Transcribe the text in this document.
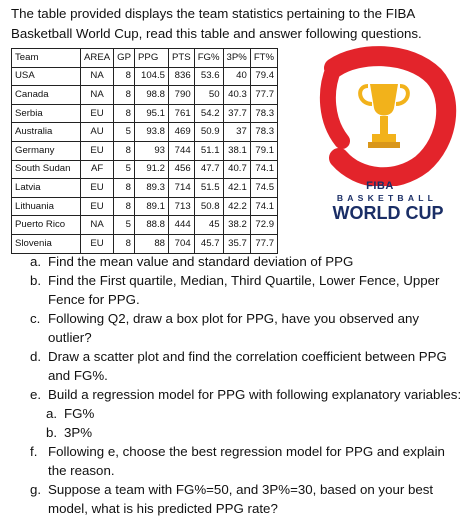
The table provided displays the team statistics pertaining to the FIBA Basketball World Cup, read this table and answer following questions.
Team	AREA	GP	PPG	PTS	FG%	3P%	FT%
USA	NA	8	104.5	836	53.6	40	79.4
Canada	NA	8	98.8	790	50	40.3	77.7
Serbia	EU	8	95.1	761	54.2	37.7	78.3
Australia	AU	5	93.8	469	50.9	37	78.3
Germany	EU	8	93	744	51.1	38.1	79.1
South Sudan	AF	5	91.2	456	47.7	40.7	74.1
Latvia	EU	8	89.3	714	51.5	42.1	74.5
Lithuania	EU	8	89.1	713	50.8	42.2	74.1
Puerto Rico	NA	5	88.8	444	45	38.2	72.9
Slovenia	EU	8	88	704	45.7	35.7	77.7
FIBA
BASKETBALL
WORLD CUP
a. Find the mean value and standard deviation of PPG
b. Find the First quartile, Median, Third Quartile, Lower Fence, Upper Fence for PPG.
c. Following Q2, draw a box plot for PPG, have you observed any outlier?
d. Draw a scatter plot and find the correlation coefficient between PPG and FG%.
e. Build a regression model for PPG with following explanatory variables:
a. FG%
b. 3P%
f. Following e, choose the best regression model for PPG and explain the reason.
g. Suppose a team with FG%=50, and 3P%=30, based on your best model, what is his predicted PPG rate?
